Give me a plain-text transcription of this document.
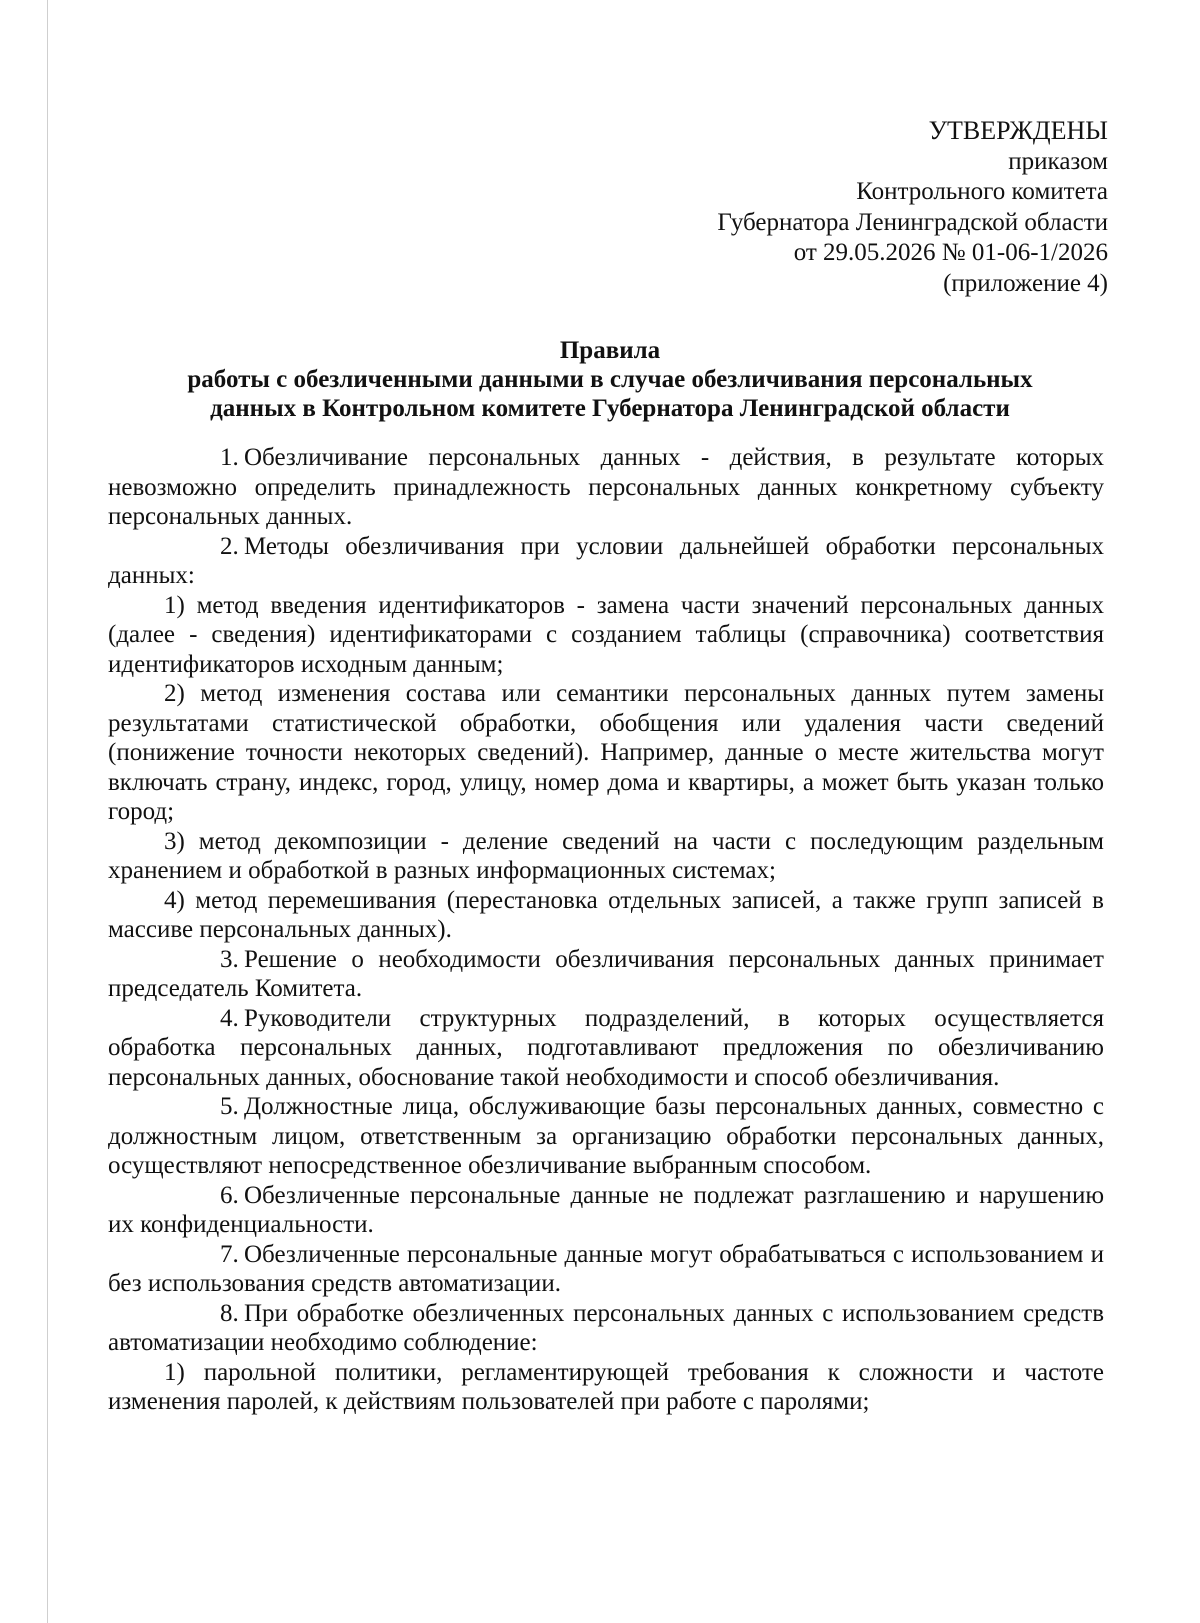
УТВЕРЖДЕНЫ
приказом
Контрольного комитета
Губернатора Ленинградской области
от 29.05.2026 № 01-06-1/2026
(приложение 4)
Правила
работы с обезличенными данными в случае обезличивания персональных
данных в Контрольном комитете Губернатора Ленинградской области

1. Обезличивание персональных данных - действия, в результате которых невозможно определить принадлежность персональных данных конкретному субъекту персональных данных.

2. Методы обезличивания при условии дальнейшей обработки персональных данных:

1) метод введения идентификаторов - замена части значений персональных данных (далее - сведения) идентификаторами с созданием таблицы (справочника) соответствия идентификаторов исходным данным;

2) метод изменения состава или семантики персональных данных путем замены результатами статистической обработки, обобщения или удаления части сведений (понижение точности некоторых сведений). Например, данные о месте жительства могут включать страну, индекс, город, улицу, номер дома и квартиры, а может быть указан только город;

3) метод декомпозиции - деление сведений на части с последующим раздельным хранением и обработкой в разных информационных системах;

4) метод перемешивания (перестановка отдельных записей, а также групп записей в массиве персональных данных).

3. Решение о необходимости обезличивания персональных данных принимает председатель Комитета.

4. Руководители структурных подразделений, в которых осуществляется обработка персональных данных, подготавливают предложения по обезличиванию персональных данных, обоснование такой необходимости и способ обезличивания.

5. Должностные лица, обслуживающие базы персональных данных, совместно с должностным лицом, ответственным за организацию обработки персональных данных, осуществляют непосредственное обезличивание выбранным способом.

6. Обезличенные персональные данные не подлежат разглашению и нарушению их конфиденциальности.

7. Обезличенные персональные данные могут обрабатываться с использованием и без использования средств автоматизации.

8. При обработке обезличенных персональных данных с использованием средств автоматизации необходимо соблюдение:

1) парольной политики, регламентирующей требования к сложности и частоте изменения паролей, к действиям пользователей при работе с паролями;
